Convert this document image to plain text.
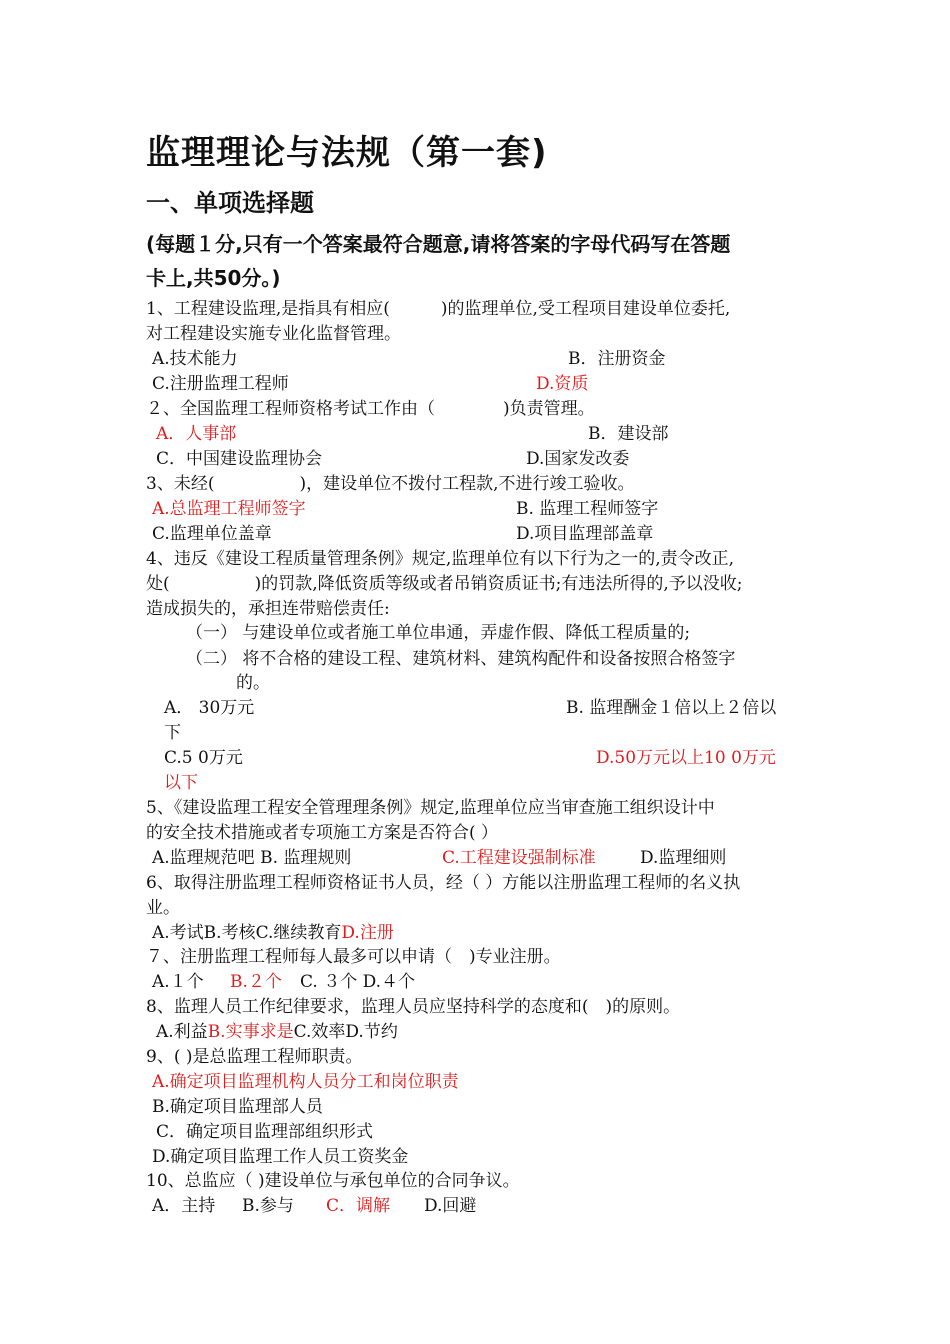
监理理论与法规（第一套)
一、单项选择题
(每题１分,只有一个答案最符合题意,请将答案的字母代码写在答题
卡上,共50分。)
1、工程建设监理,是指具有相应(　　　)的监理单位,受工程项目建设单位委托,
对工程建设实施专业化监督管理。
A.技术能力	B．注册资金
C.注册监理工程师	D.资质
２、全国监理工程师资格考试工作由（　　　　)负责管理。
A．人事部	B．建设部
C．中国建设监理协会	D.国家发改委
3、未经(　　　　　)，建设单位不拨付工程款,不进行竣工验收。
A.总监理工程师签字	B. 监理工程师签字
C.监理单位盖章	D.项目监理部盖章
4、违反《建设工程质量管理条例》规定,监理单位有以下行为之一的,责令改正,
处(　　　　　)的罚款,降低资质等级或者吊销资质证书;有违法所得的,予以没收;
造成损失的，承担连带赔偿责任:
（一） 与建设单位或者施工单位串通，弄虚作假、降低工程质量的;
（二） 将不合格的建设工程、建筑材料、建筑构配件和设备按照合格签字
的。
A． 30万元	B. 监理酬金１倍以上２倍以
下
C.5 0万元	D.50万元以上10 0万元
以下
5、《建设监理工程安全管理理条例》规定,监理单位应当审查施工组织设计中
的安全技术措施或者专项施工方案是否符合( ）
A.监理规范吧 B. 监理规则	C.工程建设强制标准	D.监理细则
6、取得注册监理工程师资格证书人员，经（ ）方能以注册监理工程师的名义执
业。
A.考试B.考核C.继续教育D.注册
７、注册监理工程师每人最多可以申请（　)专业注册。
A.１个 B.２个 C. ３个 D.４个
8、监理人员工作纪律要求，监理人员应坚持科学的态度和(　)的原则。
A.利益B.实事求是C.效率D.节约
9、( )是总监理工程师职责。
A.确定项目监理机构人员分工和岗位职责
B.确定项目监理部人员
C．确定项目监理部组织形式
D.确定项目监理工作人员工资奖金
10、总监应（ )建设单位与承包单位的合同争议。
A．主持 B.参与 C．调解 D.回避
